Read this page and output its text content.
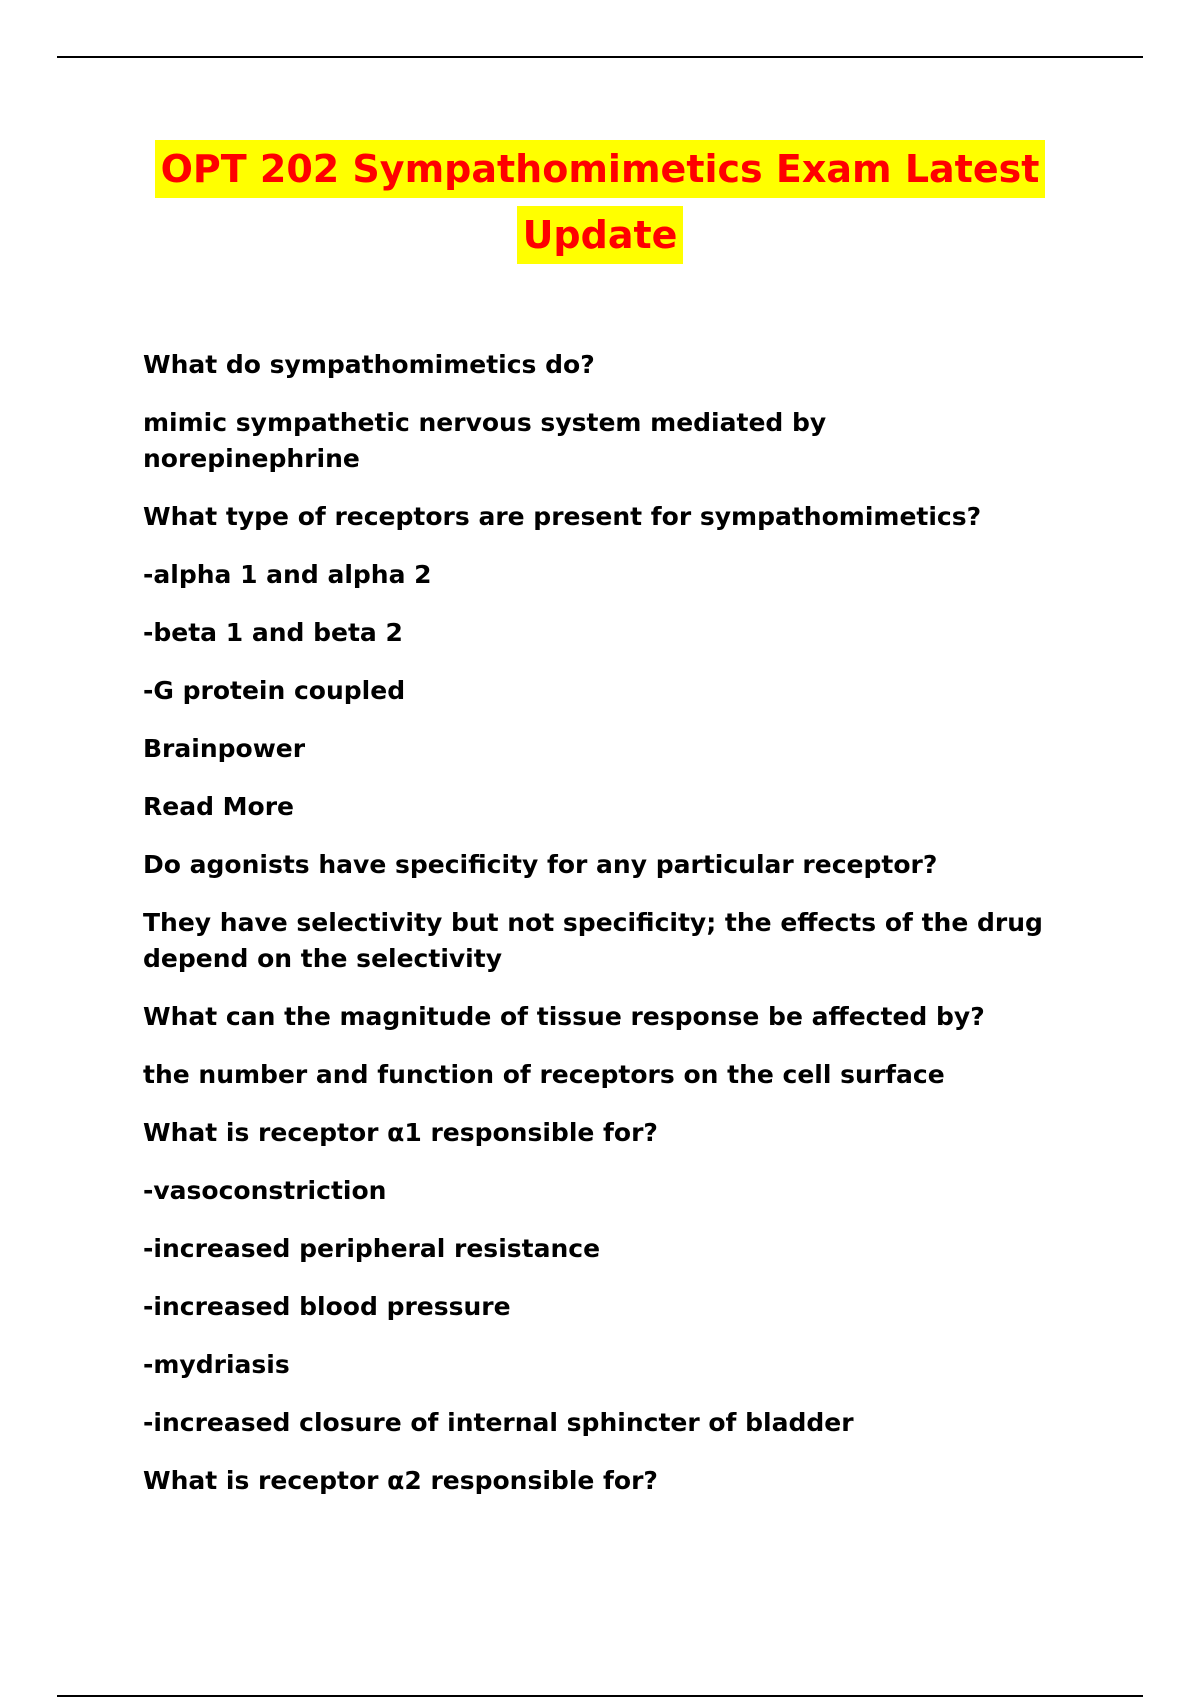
OPT 202 Sympathomimetics Exam Latest
Update

What do sympathomimetics do?

mimic sympathetic nervous system mediated by norepinephrine

What type of receptors are present for sympathomimetics?

-alpha 1 and alpha 2

-beta 1 and beta 2

-G protein coupled

Brainpower

Read More

Do agonists have specificity for any particular receptor?

They have selectivity but not specificity; the effects of the drug depend on the selectivity

What can the magnitude of tissue response be affected by?

the number and function of receptors on the cell surface

What is receptor α1 responsible for?

-vasoconstriction

-increased peripheral resistance

-increased blood pressure

-mydriasis

-increased closure of internal sphincter of bladder

What is receptor α2 responsible for?
